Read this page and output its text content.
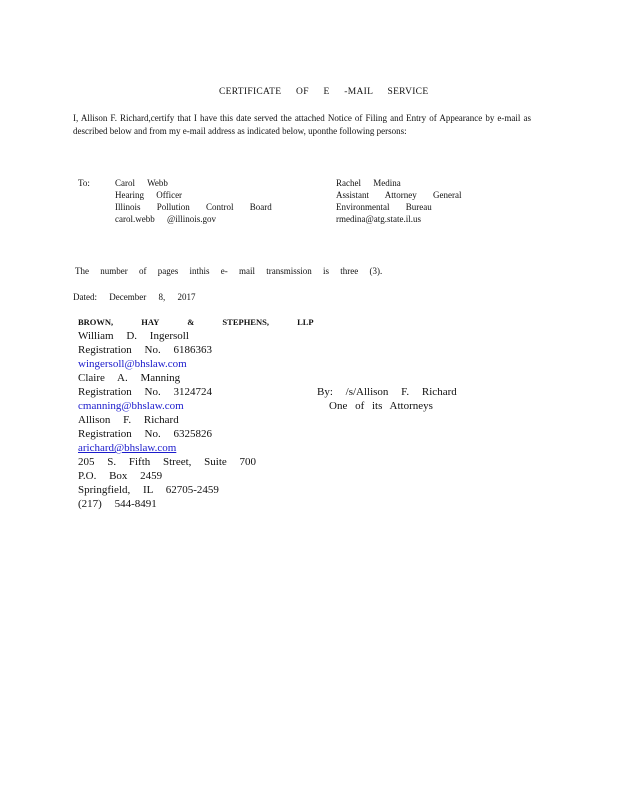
CERTIFICATE OF E -MAIL SERVICE
I, Allison F. Richard,certify that I have this date served the attached Notice of Filing and Entry of Appearance by e-mail as described below and from my e-mail address as indicated below, uponthe following persons:
To:	Carol Webb
Hearing Officer
Illinois Pollution Control Board
carol.webb @illinois.gov
Rachel Medina
Assistant Attorney General
Environmental Bureau
rmedina@atg.state.il.us
The number of pages inthis e- mail transmission is three (3).
Dated: December 8, 2017
BROWN, HAY & STEPHENS, LLP
William D. Ingersoll
Registration No. 6186363
wingersoll@bhslaw.com
Claire A. Manning
Registration No. 3124724
cmanning@bhslaw.com
Allison F. Richard
Registration No. 6325826
arichard@bhslaw.com
205 S. Fifth Street, Suite 700
P.O. Box 2459
Springfield, IL 62705-2459
(217) 544-8491
By: /s/Allison F. Richard
One of its Attorneys
